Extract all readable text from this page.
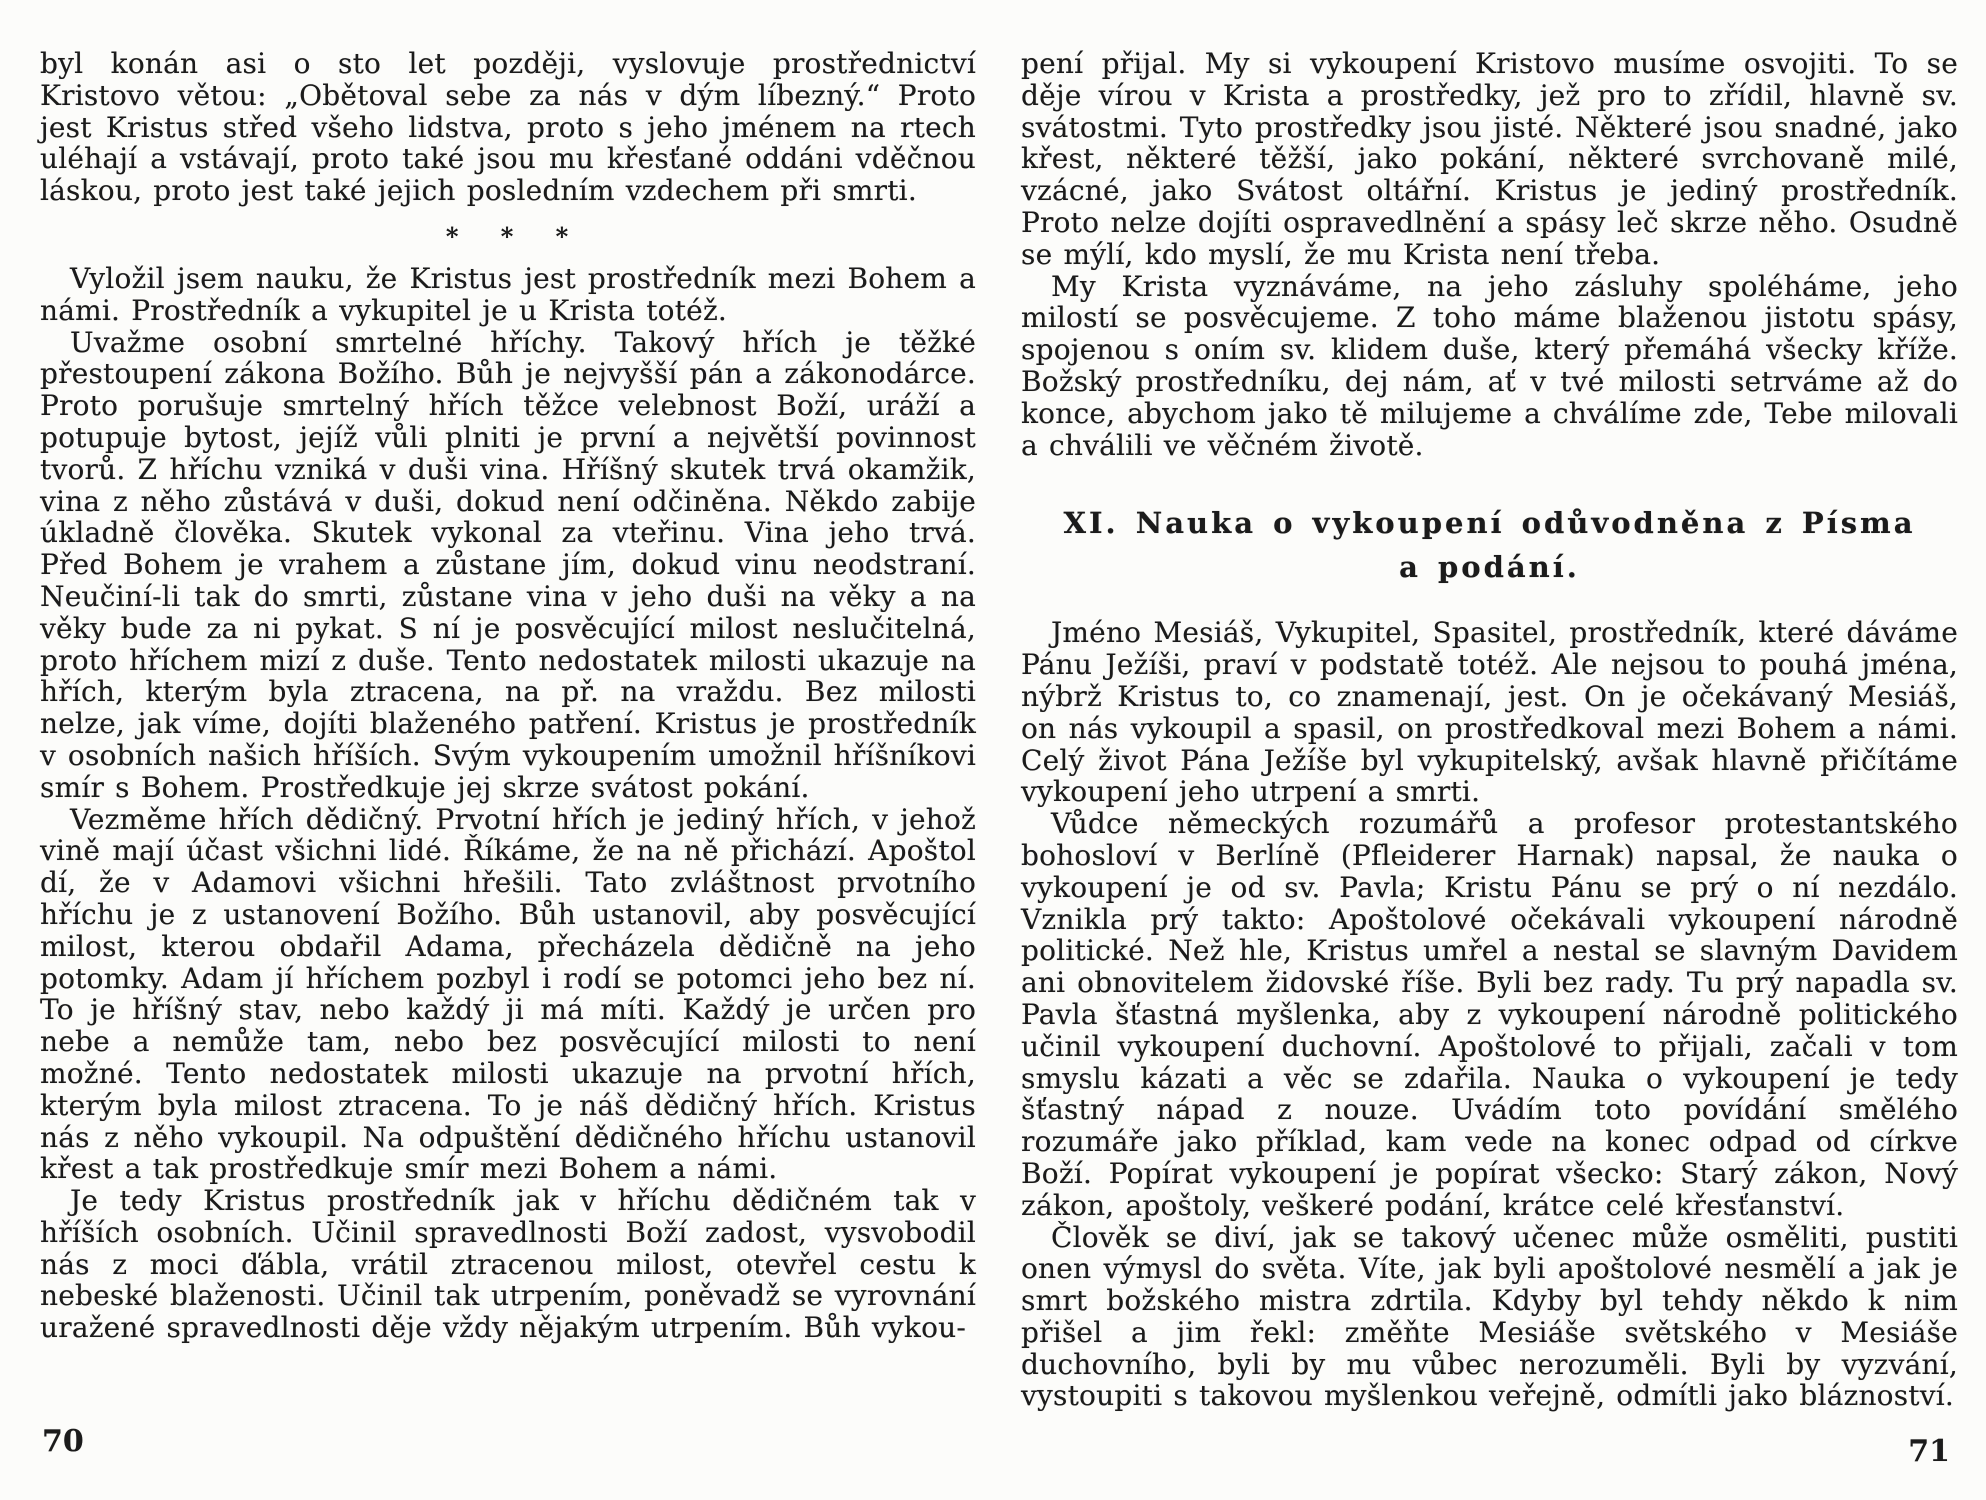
byl konán asi o sto let později, vyslovuje prostřednictví Kristovo větou: „Obětoval sebe za nás v dým líbezný.“ Proto jest Kristus střed všeho lidstva, proto s jeho jménem na rtech uléhají a vstávají, proto také jsou mu křesťané oddáni vděčnou láskou, proto jest také jejich posledním vzdechem při smrti.

* * *

Vyložil jsem nauku, že Kristus jest prostředník mezi Bohem a námi. Prostředník a vykupitel je u Krista totéž.

Uvažme osobní smrtelné hříchy. Takový hřích je těžké přestoupení zákona Božího. Bůh je nejvyšší pán a zákonodárce. Proto porušuje smrtelný hřích těžce velebnost Boží, uráží a potupuje bytost, jejíž vůli plniti je první a největší povinnost tvorů. Z hříchu vzniká v duši vina. Hříšný skutek trvá okamžik, vina z něho zůstává v duši, dokud není odčiněna. Někdo zabije úkladně člověka. Skutek vykonal za vteřinu. Vina jeho trvá. Před Bohem je vrahem a zůstane jím, dokud vinu neodstraní. Neučiní-li tak do smrti, zůstane vina v jeho duši na věky a na věky bude za ni pykat. S ní je posvěcující milost neslučitelná, proto hříchem mizí z duše. Tento nedostatek milosti ukazuje na hřích, kterým byla ztracena, na př. na vraždu. Bez milosti nelze, jak víme, dojíti blaženého patření. Kristus je prostředník v osobních našich hříších. Svým vykoupením umožnil hříšníkovi smír s Bohem. Prostředkuje jej skrze svátost pokání.

Vezměme hřích dědičný. Prvotní hřích je jediný hřích, v jehož vině mají účast všichni lidé. Říkáme, že na ně přichází. Apoštol dí, že v Adamovi všichni hřešili. Tato zvláštnost prvotního hříchu je z ustanovení Božího. Bůh ustanovil, aby posvěcující milost, kterou obdařil Adama, přecházela dědičně na jeho potomky. Adam jí hříchem pozbyl i rodí se potomci jeho bez ní. To je hříšný stav, nebo každý ji má míti. Každý je určen pro nebe a nemůže tam, nebo bez posvěcující milosti to není možné. Tento nedostatek milosti ukazuje na prvotní hřích, kterým byla milost ztracena. To je náš dědičný hřích. Kristus nás z něho vykoupil. Na odpuštění dědičného hříchu ustanovil křest a tak prostředkuje smír mezi Bohem a námi.

Je tedy Kristus prostředník jak v hříchu dědičném tak v hříších osobních. Učinil spravedlnosti Boží zadost, vysvobodil nás z moci ďábla, vrátil ztracenou milost, otevřel cestu k nebeské blaženosti. Učinil tak utrpením, poněvadž se vyrovnání uražené spravedlnosti děje vždy nějakým utrpením. Bůh vykou-

70

pení přijal. My si vykoupení Kristovo musíme osvojiti. To se děje vírou v Krista a prostředky, jež pro to zřídil, hlavně sv. svátostmi. Tyto prostředky jsou jisté. Některé jsou snadné, jako křest, některé těžší, jako pokání, některé svrchovaně milé, vzácné, jako Svátost oltářní. Kristus je jediný prostředník. Proto nelze dojíti ospravedlnění a spásy leč skrze něho. Osudně se mýlí, kdo myslí, že mu Krista není třeba.

My Krista vyznáváme, na jeho zásluhy spoléháme, jeho milostí se posvěcujeme. Z toho máme blaženou jistotu spásy, spojenou s oním sv. klidem duše, který přemáhá všecky kříže. Božský prostředníku, dej nám, ať v tvé milosti setrváme až do konce, abychom jako tě milujeme a chválíme zde, Tebe milovali a chválili ve věčném životě.

XI. Nauka o vykoupení odůvodněna z Písma
a podání.

Jméno Mesiáš, Vykupitel, Spasitel, prostředník, které dáváme Pánu Ježíši, praví v podstatě totéž. Ale nejsou to pouhá jména, nýbrž Kristus to, co znamenají, jest. On je očekávaný Mesiáš, on nás vykoupil a spasil, on prostředkoval mezi Bohem a námi. Celý život Pána Ježíše byl vykupitelský, avšak hlavně přičítáme vykoupení jeho utrpení a smrti.

Vůdce německých rozumářů a profesor protestantského bohosloví v Berlíně (Pfleiderer Harnak) napsal, že nauka o vykoupení je od sv. Pavla; Kristu Pánu se prý o ní nezdálo. Vznikla prý takto: Apoštolové očekávali vykoupení národně politické. Než hle, Kristus umřel a nestal se slavným Davidem ani obnovitelem židovské říše. Byli bez rady. Tu prý napadla sv. Pavla šťastná myšlenka, aby z vykoupení národně politického učinil vykoupení duchovní. Apoštolové to přijali, začali v tom smyslu kázati a věc se zdařila. Nauka o vykoupení je tedy šťastný nápad z nouze. Uvádím toto povídání smělého rozumáře jako příklad, kam vede na konec odpad od církve Boží. Popírat vykoupení je popírat všecko: Starý zákon, Nový zákon, apoštoly, veškeré podání, krátce celé křesťanství.

Člověk se diví, jak se takový učenec může osměliti, pustiti onen výmysl do světa. Víte, jak byli apoštolové nesmělí a jak je smrt božského mistra zdrtila. Kdyby byl tehdy někdo k nim přišel a jim řekl: změňte Mesiáše světského v Mesiáše duchovního, byli by mu vůbec nerozuměli. Byli by vyzvání, vystoupiti s takovou myšlenkou veřejně, odmítli jako bláznoství.

71
